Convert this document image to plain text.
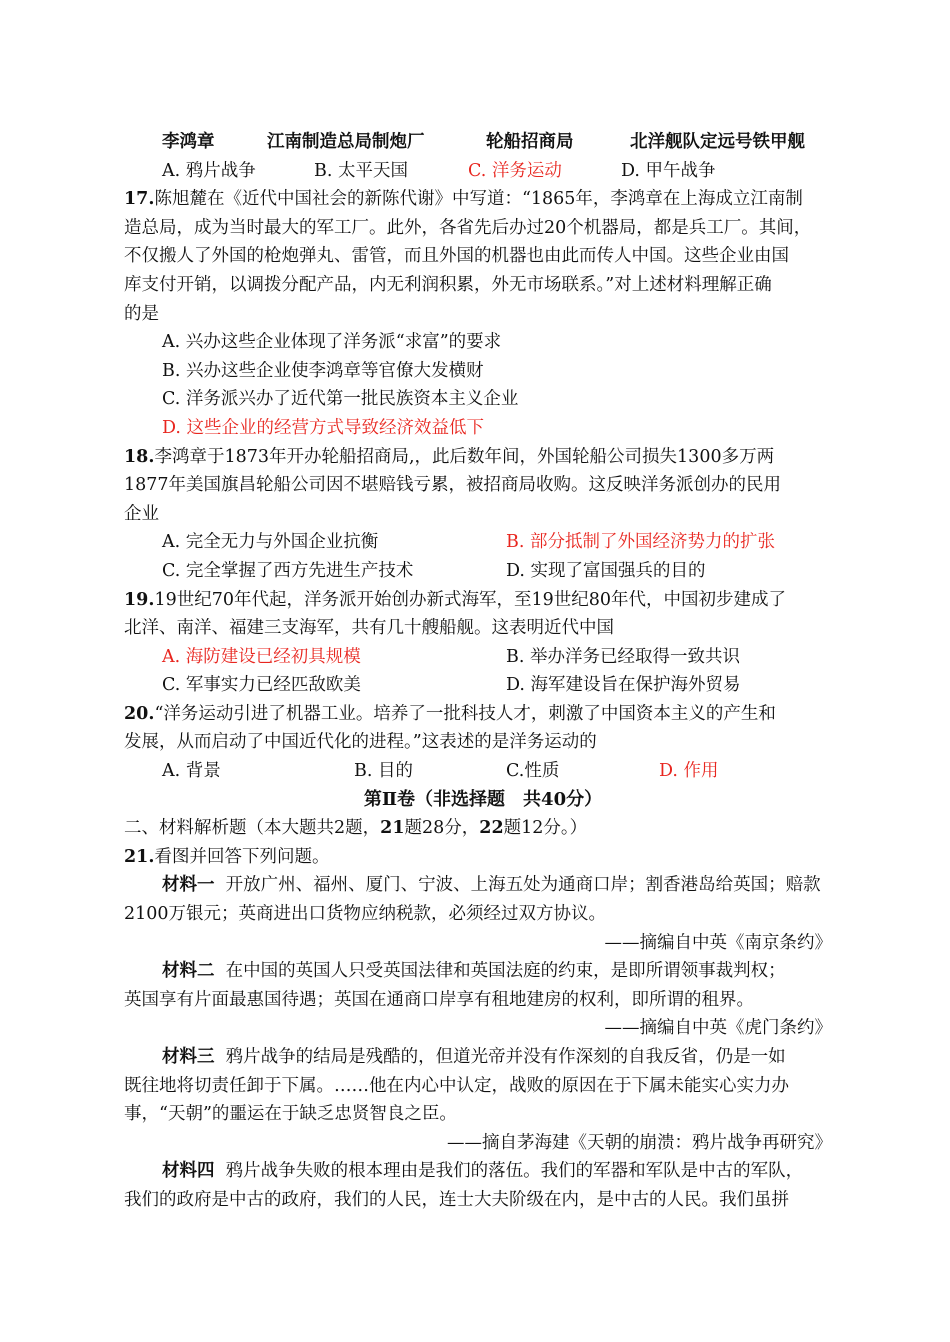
李鸿章	江南制造总局制炮厂	轮船招商局	北洋舰队定远号铁甲舰
A. 鸦片战争	B. 太平天国	C. 洋务运动	D. 甲午战争
17.陈旭麓在《近代中国社会的新陈代谢》中写道：“1865年，李鸿章在上海成立江南制
造总局，成为当时最大的军工厂。此外，各省先后办过20个机器局，都是兵工厂。其间，
不仅搬人了外国的枪炮弹丸、雷管，而且外国的机器也由此而传人中国。这些企业由国
库支付开销，以调拨分配产品，内无利润积累，外无市场联系。”对上述材料理解正确
的是
A. 兴办这些企业体现了洋务派“求富”的要求
B. 兴办这些企业使李鸿章等官僚大发横财
C. 洋务派兴办了近代第一批民族资本主义企业
D. 这些企业的经营方式导致经济效益低下
18.李鸿章于1873年开办轮船招商局,，此后数年间，外国轮船公司损失1300多万两
1877年美国旗昌轮船公司因不堪赔钱亏累，被招商局收购。这反映洋务派创办的民用
企业
A. 完全无力与外国企业抗衡	B. 部分抵制了外国经济势力的扩张
C. 完全掌握了西方先进生产技术	D. 实现了富国强兵的目的
19.19世纪70年代起，洋务派开始创办新式海军，至19世纪80年代，中国初步建成了
北洋、南洋、福建三支海军，共有几十艘船舰。这表明近代中国
A. 海防建设已经初具规模	B. 举办洋务已经取得一致共识
C. 军事实力已经匹敌欧美	D. 海军建设旨在保护海外贸易
20.“洋务运动引进了机器工业。培养了一批科技人才，刺激了中国资本主义的产生和
发展，从而启动了中国近代化的进程。”这表述的是洋务运动的
A. 背景	B. 目的	C.性质	D. 作用
第Ⅱ卷（非选择题　共40分）
二、材料解析题（本大题共2题，21题28分，22题12分。）
21.看图并回答下列问题。
材料一 开放广州、福州、厦门、宁波、上海五处为通商口岸；割香港岛给英国；赔款
2100万银元；英商进出口货物应纳税款，必须经过双方协议。
——摘编自中英《南京条约》
材料二 在中国的英国人只受英国法律和英国法庭的约束，是即所谓领事裁判权；
英国享有片面最惠国待遇；英国在通商口岸享有租地建房的权利，即所谓的租界。
——摘编自中英《虎门条约》
材料三 鸦片战争的结局是残酷的，但道光帝并没有作深刻的自我反省，仍是一如
既往地将切责任卸于下属。……他在内心中认定，战败的原因在于下属未能实心实力办
事，“天朝”的噩运在于缺乏忠贤智良之臣。
——摘自茅海建《天朝的崩溃：鸦片战争再研究》
材料四 鸦片战争失败的根本理由是我们的落伍。我们的军器和军队是中古的军队，
我们的政府是中古的政府，我们的人民，连士大夫阶级在内，是中古的人民。我们虽拼
